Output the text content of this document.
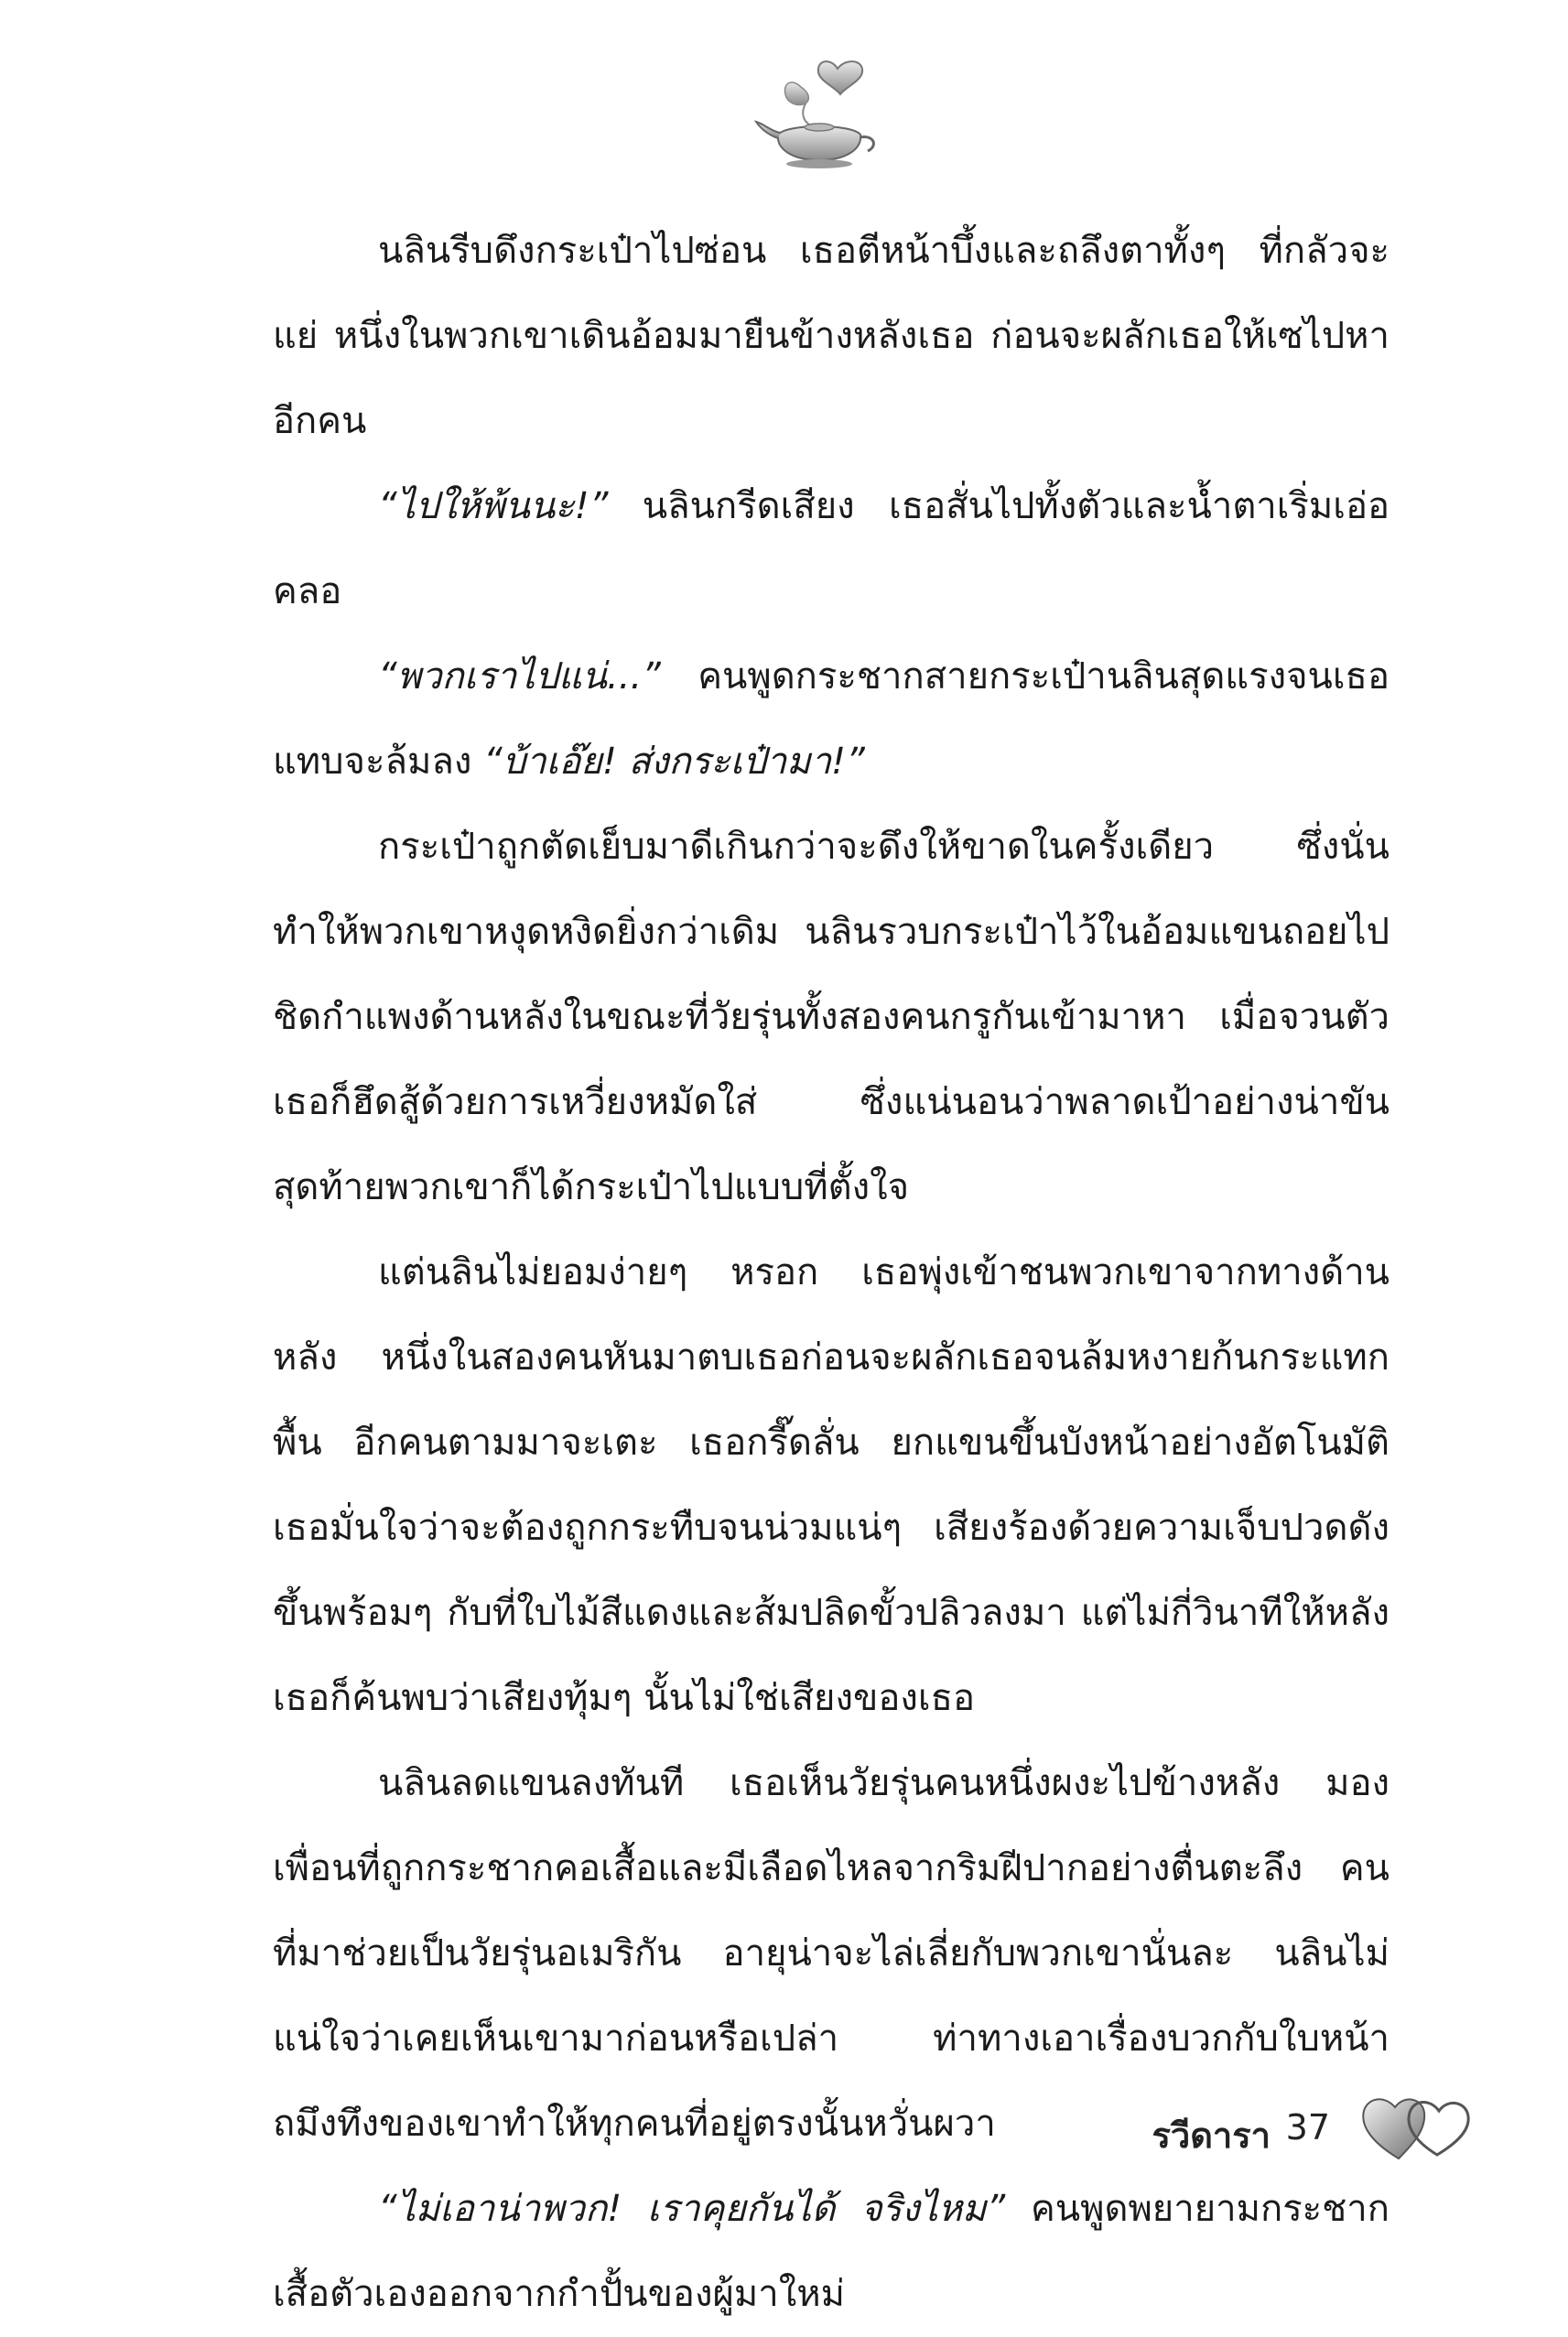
นลินรีบดึงกระเป๋าไปซ่อน เธอตีหน้าบึ้งและถลึงตาทั้งๆ ที่กลัวจะแย่ หนึ่งในพวกเขาเดินอ้อมมายืนข้างหลังเธอ ก่อนจะผลักเธอให้เซไปหาอีกคน

“ไปให้พ้นนะ!” นลินกรีดเสียง เธอสั่นไปทั้งตัวและน้ำตาเริ่มเอ่อคลอ

“พวกเราไปแน่...” คนพูดกระชากสายกระเป๋านลินสุดแรงจนเธอแทบจะล้มลง “บ้าเอ๊ย! ส่งกระเป๋ามา!”

กระเป๋าถูกตัดเย็บมาดีเกินกว่าจะดึงให้ขาดในครั้งเดียว ซึ่งนั่นทำให้พวกเขาหงุดหงิดยิ่งกว่าเดิม นลินรวบกระเป๋าไว้ในอ้อมแขนถอยไปชิดกำแพงด้านหลังในขณะที่วัยรุ่นทั้งสองคนกรูกันเข้ามาหา เมื่อจวนตัวเธอก็ฮึดสู้ด้วยการเหวี่ยงหมัดใส่ ซึ่งแน่นอนว่าพลาดเป้าอย่างน่าขัน สุดท้ายพวกเขาก็ได้กระเป๋าไปแบบที่ตั้งใจ

แต่นลินไม่ยอมง่ายๆ หรอก เธอพุ่งเข้าชนพวกเขาจากทางด้านหลัง หนึ่งในสองคนหันมาตบเธอก่อนจะผลักเธอจนล้มหงายก้นกระแทกพื้น อีกคนตามมาจะเตะ เธอกรี๊ดลั่น ยกแขนขึ้นบังหน้าอย่างอัตโนมัติ เธอมั่นใจว่าจะต้องถูกกระทืบจนน่วมแน่ๆ เสียงร้องด้วยความเจ็บปวดดังขึ้นพร้อมๆ กับที่ใบไม้สีแดงและส้มปลิดขั้วปลิวลงมา แต่ไม่กี่วินาทีให้หลังเธอก็ค้นพบว่าเสียงทุ้มๆ นั้นไม่ใช่เสียงของเธอ

นลินลดแขนลงทันที เธอเห็นวัยรุ่นคนหนึ่งผงะไปข้างหลัง มองเพื่อนที่ถูกกระชากคอเสื้อและมีเลือดไหลจากริมฝีปากอย่างตื่นตะลึง คนที่มาช่วยเป็นวัยรุ่นอเมริกัน อายุน่าจะไล่เลี่ยกับพวกเขานั่นละ นลินไม่แน่ใจว่าเคยเห็นเขามาก่อนหรือเปล่า ท่าทางเอาเรื่องบวกกับใบหน้าถมึงทึงของเขาทำให้ทุกคนที่อยู่ตรงนั้นหวั่นผวา

“ไม่เอาน่าพวก! เราคุยกันได้ จริงไหม” คนพูดพยายามกระชากเสื้อตัวเองออกจากกำปั้นของผู้มาใหม่

รวีดารา 37
